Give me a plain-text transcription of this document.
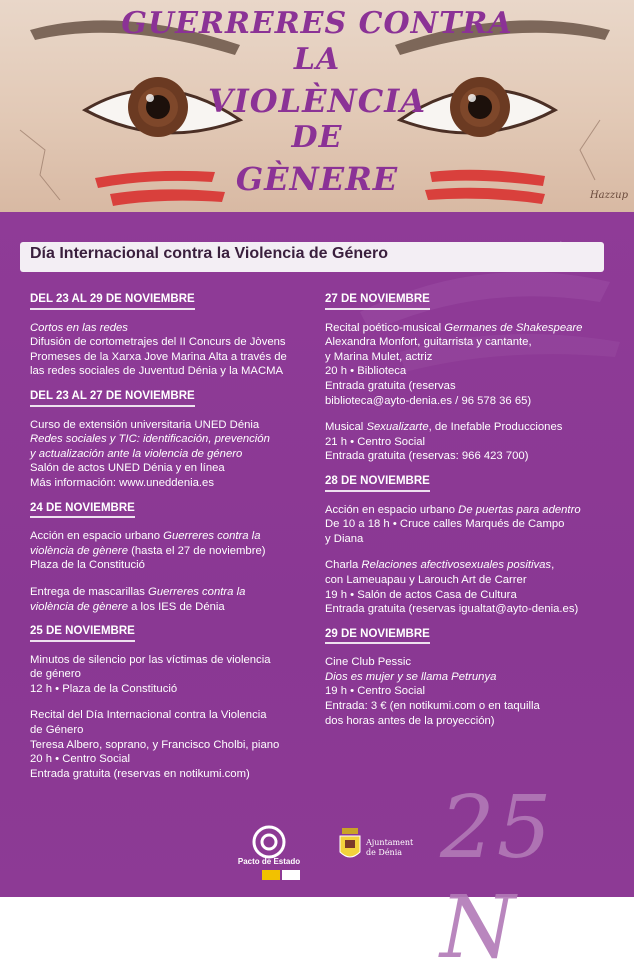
GUERRERES CONTRA
LA
VIOLÈNCIA
DE
GÈNERE	Hazzup
Día Internacional contra la Violencia de Género
DEL 23 AL 29 DE NOVIEMBRE
Cortos en las redes
Difusión de cortometrajes del II Concurs de Jòvens
Promeses de la Xarxa Jove Marina Alta a través de
las redes sociales de Juventud Dénia y la MACMA
DEL 23 AL 27 DE NOVIEMBRE
Curso de extensión universitaria UNED Dénia
Redes sociales y TIC: identificación, prevención
y actualización ante la violencia de género
Salón de actos UNED Dénia y en línea
Más información: www.uneddenia.es
24 DE NOVIEMBRE
Acción en espacio urbano Guerreres contra la
violència de gènere (hasta el 27 de noviembre)
Plaza de la Constitució
Entrega de mascarillas Guerreres contra la
violència de gènere a los IES de Dénia
25 DE NOVIEMBRE
Minutos de silencio por las víctimas de violencia
de género
12 h • Plaza de la Constitució
Recital del Día Internacional contra la Violencia
de Género
Teresa Albero, soprano, y Francisco Cholbi, piano
20 h • Centro Social
Entrada gratuita (reservas en notikumi.com)
27 DE NOVIEMBRE
Recital poético-musical Germanes de Shakespeare
Alexandra Monfort, guitarrista y cantante,
y Marina Mulet, actriz
20 h • Biblioteca
Entrada gratuita (reservas
biblioteca@ayto-denia.es / 96 578 36 65)
Musical Sexualizarte, de Inefable Producciones
21 h • Centro Social
Entrada gratuita (reservas: 966 423 700)
28 DE NOVIEMBRE
Acción en espacio urbano De puertas para adentro
De 10 a 18 h • Cruce calles Marqués de Campo
y Diana
Charla Relaciones afectivosexuales positivas,
con Lameuapau y Larouch Art de Carrer
19 h • Salón de actos Casa de Cultura
Entrada gratuita (reservas igualtat@ayto-denia.es)
29 DE NOVIEMBRE
Cine Club Pessic
Dios es mujer y se llama Petrunya
19 h • Centro Social
Entrada: 3 € (en notikumi.com o en taquilla
dos horas antes de la proyección)
25 N
Pacto de Estado
Ajuntament
de Dénia
